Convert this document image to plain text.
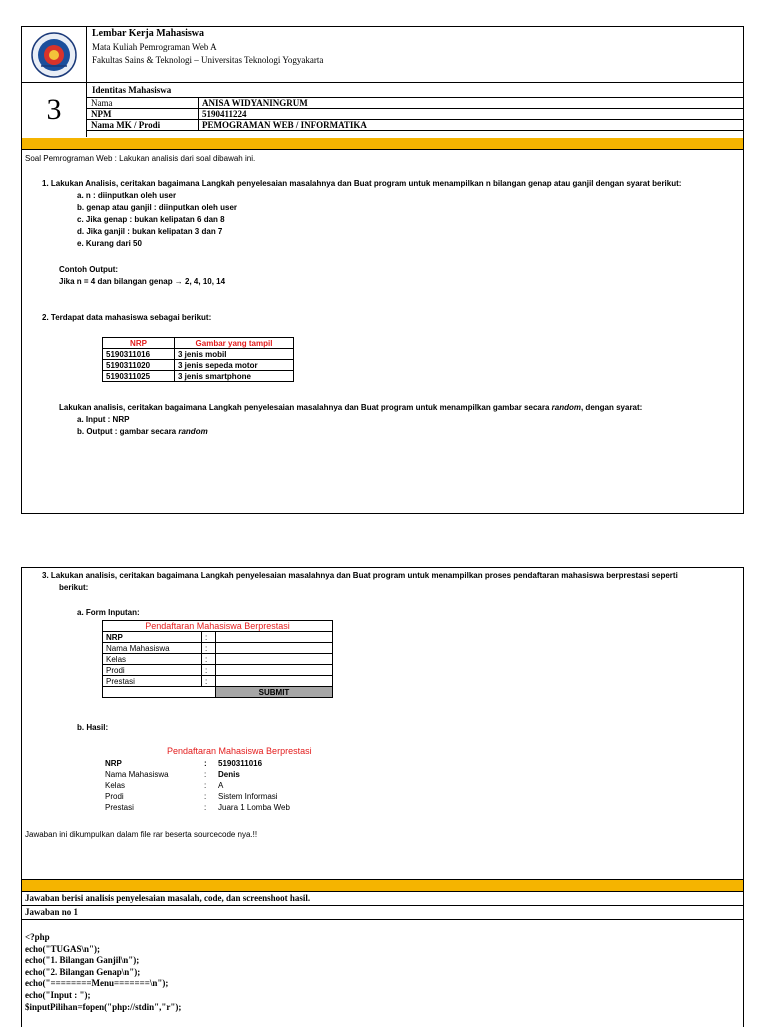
Lembar Kerja Mahasiswa
Mata Kuliah Pemrograman Web A
Fakultas Sains & Teknologi – Universitas Teknologi Yogyakarta
3
Identitas Mahasiswa
Nama	ANISA WIDYANINGRUM
NPM	5190411224
Nama MK / Prodi	PEMOGRAMAN WEB / INFORMATIKA
Soal Pemrograman Web : Lakukan analisis dari soal dibawah ini.
1. Lakukan Analisis, ceritakan bagaimana Langkah penyelesaian masalahnya dan Buat program untuk menampilkan n bilangan genap atau ganjil dengan syarat berikut:
a. n : diinputkan oleh user
b. genap atau ganjil : diinputkan oleh user
c. Jika genap : bukan kelipatan 6 dan 8
d. Jika ganjil : bukan kelipatan 3 dan 7
e. Kurang dari 50
Contoh Output:
Jika n = 4 dan bilangan genap → 2, 4, 10, 14
2. Terdapat data mahasiswa sebagai berikut:
NRP	Gambar yang tampil
5190311016	3 jenis mobil
5190311020	3 jenis sepeda motor
5190311025	3 jenis smartphone
Lakukan analisis, ceritakan bagaimana Langkah penyelesaian masalahnya dan Buat program untuk menampilkan gambar secara random, dengan syarat:
a. Input : NRP
b. Output : gambar secara random
3. Lakukan analisis, ceritakan bagaimana Langkah penyelesaian masalahnya dan Buat program untuk menampilkan proses pendaftaran mahasiswa berprestasi seperti
berikut:
a. Form Inputan:
Pendaftaran Mahasiswa Berprestasi		
NRP	:	
Nama Mahasiswa	:	
Kelas	:	
Prodi	:	
Prestasi	:	
		SUBMIT
b. Hasil:
Pendaftaran Mahasiswa Berprestasi
NRP	: 5190311016
Nama Mahasiswa	: Denis
Kelas	: A
Prodi	: Sistem Informasi
Prestasi	: Juara 1 Lomba Web
Jawaban ini dikumpulkan dalam file rar beserta sourcecode nya.!!
Jawaban berisi analisis penyelesaian masalah, code, dan screenshoot hasil.
Jawaban no 1
<?php
echo("TUGAS\n");
echo("1. Bilangan Ganjil\n");
echo("2. Bilangan Genap\n");
echo("========Menu=======\n");
echo("Input : ");
$inputPilihan=fopen("php://stdin","r");
